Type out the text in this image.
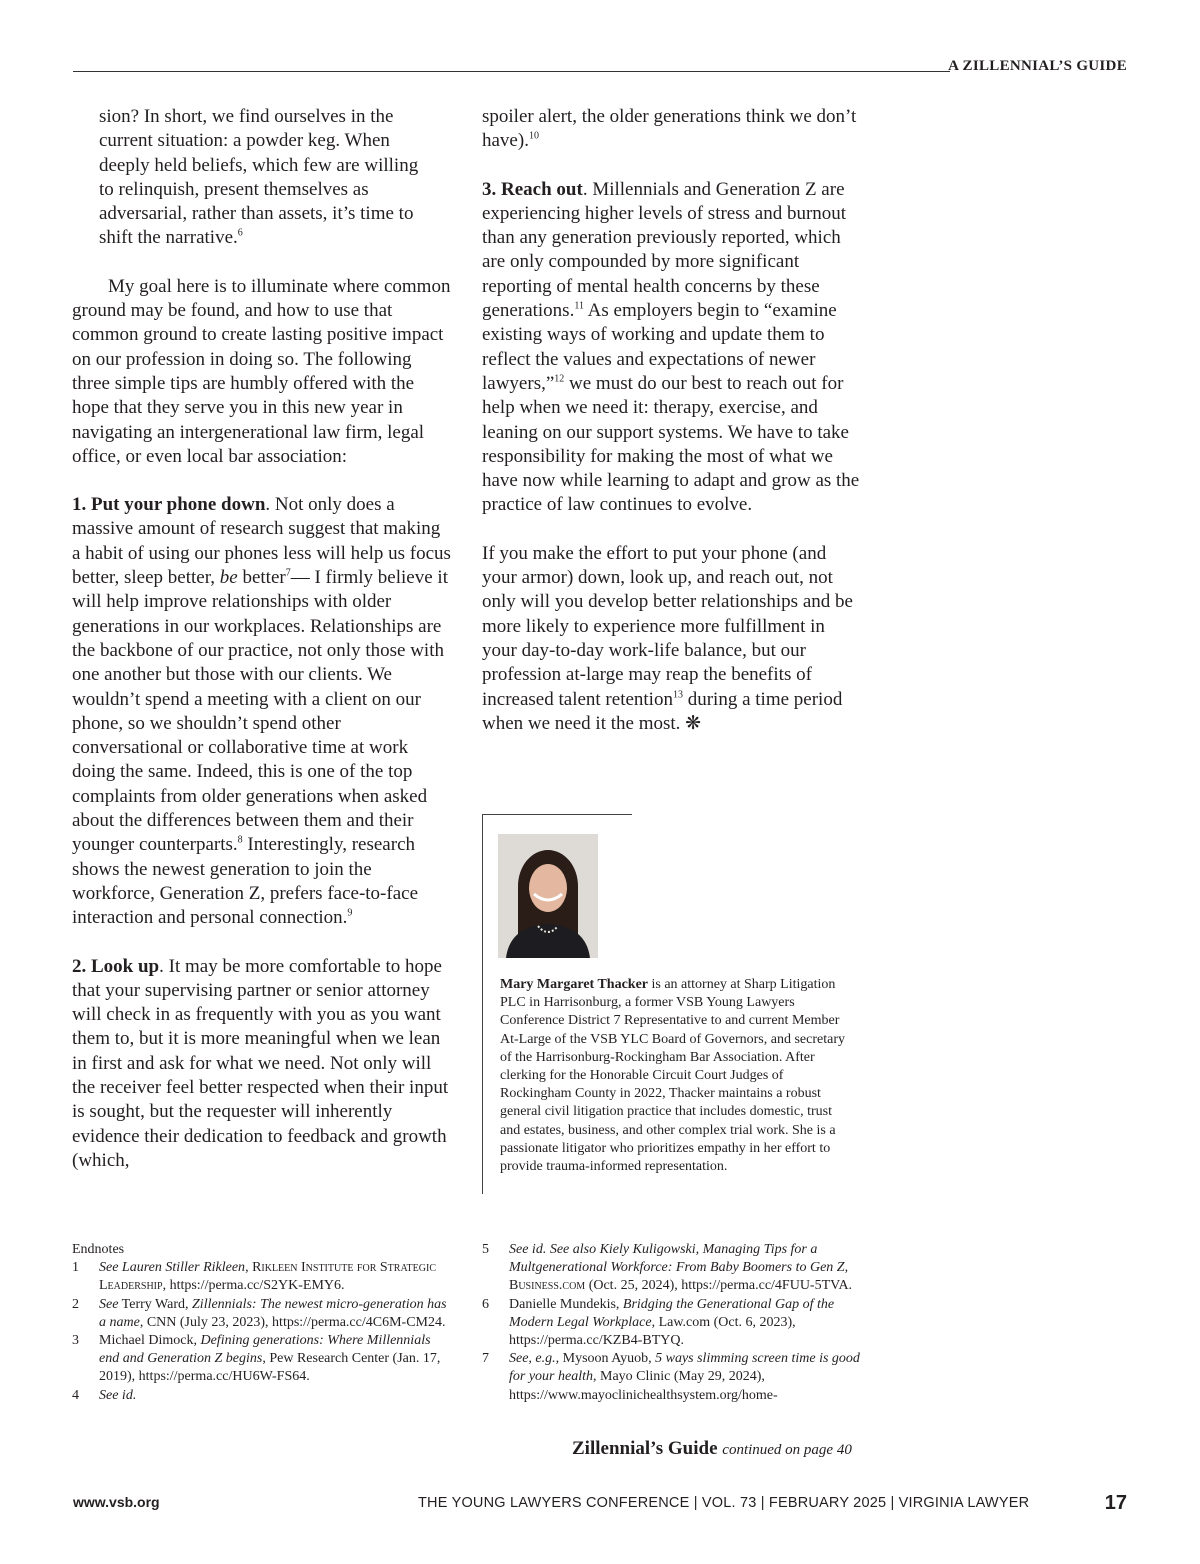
A ZILLENNIAL’S GUIDE

sion? In short, we find ourselves in the current situation: a powder keg. When deeply held beliefs, which few are willing to relinquish, present themselves as adversarial, rather than assets, it’s time to shift the narrative.$^6$

My goal here is to illuminate where common ground may be found, and how to use that common ground to create lasting positive impact on our profession in doing so. The following three simple tips are humbly offered with the hope that they serve you in this new year in navigating an intergenerational law firm, legal office, or even local bar association:

1. Put your phone down. Not only does a massive amount of research suggest that making a habit of using our phones less will help us focus better, sleep better, be better$^7$— I firmly believe it will help improve relationships with older generations in our workplaces. Relationships are the backbone of our practice, not only those with one another but those with our clients. We wouldn’t spend a meeting with a client on our phone, so we shouldn’t spend other conversational or collaborative time at work doing the same. Indeed, this is one of the top complaints from older generations when asked about the differences between them and their younger counterparts.$^8$ Interestingly, research shows the newest generation to join the workforce, Generation Z, prefers face-to-face interaction and personal connection.$^9$

2. Look up. It may be more comfortable to hope that your supervising partner or senior attorney will check in as frequently with you as you want them to, but it is more meaningful when we lean in first and ask for what we need. Not only will the receiver feel better respected when their input is sought, but the requester will inherently evidence their dedication to feedback and growth (which,

spoiler alert, the older generations think we don’t have).$^{10}$

3. Reach out. Millennials and Generation Z are experiencing higher levels of stress and burnout than any generation previously reported, which are only compounded by more significant reporting of mental health concerns by these generations.$^{11}$ As employers begin to “examine existing ways of working and update them to reflect the values and expectations of newer lawyers,”$^{12}$ we must do our best to reach out for help when we need it: therapy, exercise, and leaning on our support systems. We have to take responsibility for making the most of what we have now while learning to adapt and grow as the practice of law continues to evolve.

If you make the effort to put your phone (and your armor) down, look up, and reach out, not only will you develop better relationships and be more likely to experience more fulfillment in your day-to-day work-life balance, but our profession at-large may reap the benefits of increased talent retention$^{13}$ during a time period when we need it the most. ❋

Mary Margaret Thacker is an attorney at Sharp Litigation PLC in Harrisonburg, a former VSB Young Lawyers Conference District 7 Representative to and current Member At-Large of the VSB YLC Board of Governors, and secretary of the Harrisonburg-Rockingham Bar Association. After clerking for the Honorable Circuit Court Judges of Rockingham County in 2022, Thacker maintains a robust general civil litigation practice that includes domestic, trust and estates, business, and other complex trial work. She is a passionate litigator who prioritizes empathy in her effort to provide trauma-informed representation.
Endnotes
1	See Lauren Stiller Rikleen, Rikleen Institute for Strategic Leadership, https://perma.cc/S2YK-EMY6.
2	See Terry Ward, Zillennials: The newest micro-generation has a name, CNN (July 23, 2023), https://perma.cc/4C6M-CM24.
3	Michael Dimock, Defining generations: Where Millennials end and Generation Z begins, Pew Research Center (Jan. 17, 2019), https://perma.cc/HU6W-FS64.
4	See id.
5	See id. See also Kiely Kuligowski, Managing Tips for a Multgenerational Workforce: From Baby Boomers to Gen Z, Business.com (Oct. 25, 2024), https://perma.cc/4FUU-5TVA.
6	Danielle Mundekis, Bridging the Generational Gap of the Modern Legal Workplace, Law.com (Oct. 6, 2023), https://perma.cc/KZB4-BTYQ.
7	See, e.g., Mysoon Ayuob, 5 ways slimming screen time is good for your health, Mayo Clinic (May 29, 2024), https://www.mayoclinichealthsystem.org/home-
Zillennial’s Guide continued on page 40
www.vsb.org	THE YOUNG LAWYERS CONFERENCE | VOL. 73 | FEBRUARY 2025 | VIRGINIA LAWYER	17
